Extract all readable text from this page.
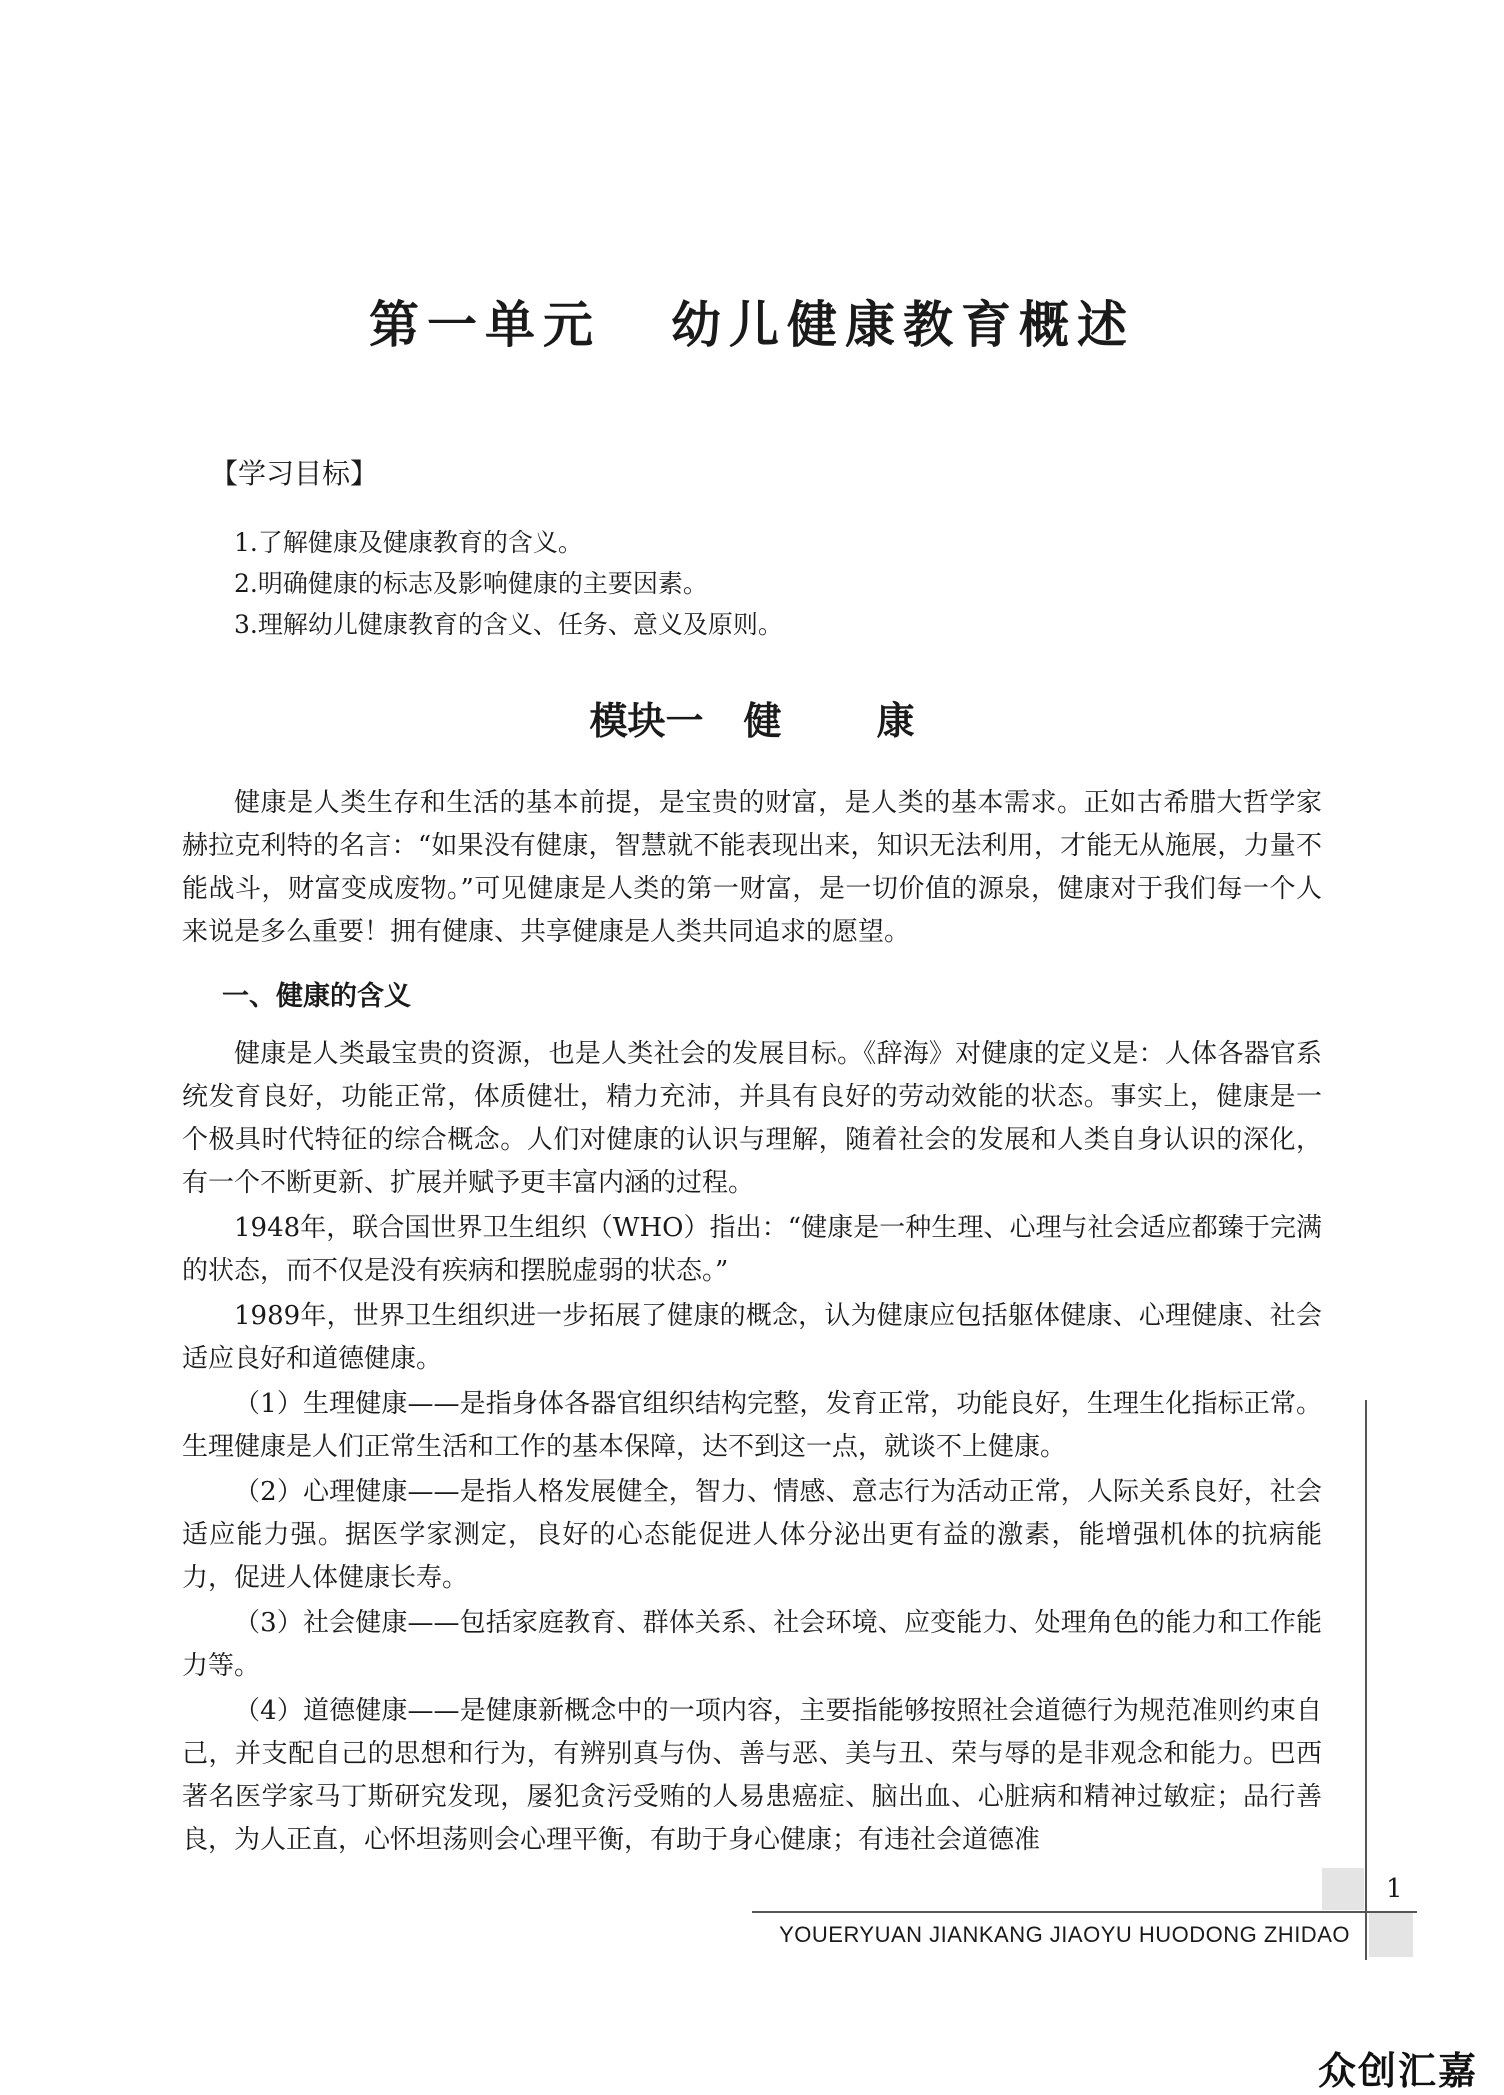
第一单元 幼儿健康教育概述
【学习目标】

1.了解健康及健康教育的含义。

2.明确健康的标志及影响健康的主要因素。

3.理解幼儿健康教育的含义、任务、意义及原则。

模块一 健	康

健康是人类生存和生活的基本前提，是宝贵的财富，是人类的基本需求。正如古希腊大哲学家赫拉克利特的名言：“如果没有健康，智慧就不能表现出来，知识无法利用，才能无从施展，力量不能战斗，财富变成废物。”可见健康是人类的第一财富，是一切价值的源泉，健康对于我们每一个人来说是多么重要！拥有健康、共享健康是人类共同追求的愿望。

一、健康的含义

健康是人类最宝贵的资源，也是人类社会的发展目标。《辞海》对健康的定义是：人体各器官系统发育良好，功能正常，体质健壮，精力充沛，并具有良好的劳动效能的状态。事实上，健康是一个极具时代特征的综合概念。人们对健康的认识与理解，随着社会的发展和人类自身认识的深化，有一个不断更新、扩展并赋予更丰富内涵的过程。

1948年，联合国世界卫生组织（WHO）指出：“健康是一种生理、心理与社会适应都臻于完满的状态，而不仅是没有疾病和摆脱虚弱的状态。”

1989年，世界卫生组织进一步拓展了健康的概念，认为健康应包括躯体健康、心理健康、社会适应良好和道德健康。

（1）生理健康——是指身体各器官组织结构完整，发育正常，功能良好，生理生化指标正常。生理健康是人们正常生活和工作的基本保障，达不到这一点，就谈不上健康。

（2）心理健康——是指人格发展健全，智力、情感、意志行为活动正常，人际关系良好，社会适应能力强。据医学家测定，良好的心态能促进人体分泌出更有益的激素，能增强机体的抗病能力，促进人体健康长寿。

（3）社会健康——包括家庭教育、群体关系、社会环境、应变能力、处理角色的能力和工作能力等。

（4）道德健康——是健康新概念中的一项内容，主要指能够按照社会道德行为规范准则约束自己，并支配自己的思想和行为，有辨别真与伪、善与恶、美与丑、荣与辱的是非观念和能力。巴西著名医学家马丁斯研究发现，屡犯贪污受贿的人易患癌症、脑出血、心脏病和精神过敏症；品行善良，为人正直，心怀坦荡则会心理平衡，有助于身心健康；有违社会道德准

1
YOUERYUAN JIANKANG JIAOYU HUODONG ZHIDAO
众创汇嘉
